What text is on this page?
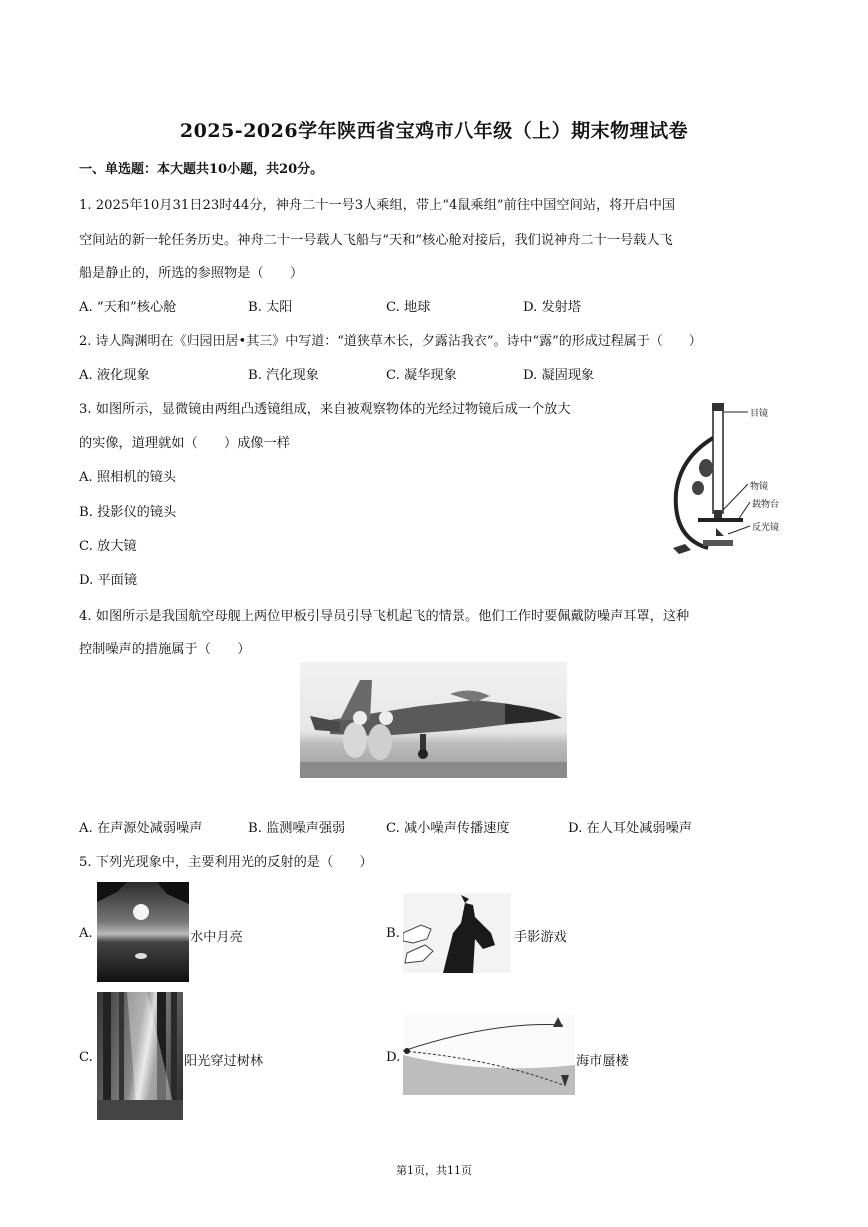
2025-2026学年陕西省宝鸡市八年级（上）期末物理试卷
一、单选题：本大题共10小题，共20分。
1. 2025年10月31日23时44分，神舟二十一号3人乘组，带上“4鼠乘组”前往中国空间站，将开启中国
空间站的新一轮任务历史。神舟二十一号载人飞船与“天和”核心舱对接后，我们说神舟二十一号载人飞
船是静止的，所选的参照物是（　　）
A. “天和”核心舱	B. 太阳	C. 地球	D. 发射塔
2. 诗人陶渊明在《归园田居•其三》中写道：“道狭草木长，夕露沾我衣”。诗中“露”的形成过程属于（　　）
A. 液化现象	B. 汽化现象	C. 凝华现象	D. 凝固现象
3. 如图所示，显微镜由两组凸透镜组成，来自被观察物体的光经过物镜后成一个放大
的实像，道理就如（　　）成像一样
A. 照相机的镜头
B. 投影仪的镜头
C. 放大镜
D. 平面镜
目镜
物镜
载物台
反光镜
4. 如图所示是我国航空母舰上两位甲板引导员引导飞机起飞的情景。他们工作时要佩戴防噪声耳罩，这种
控制噪声的措施属于（　　）
A. 在声源处减弱噪声	B. 监测噪声强弱	C. 减小噪声传播速度	D. 在人耳处减弱噪声
5. 下列光现象中，主要利用光的反射的是（　　）
A.	水中月亮	B.	手影游戏
C.	阳光穿过树林	D.	海市蜃楼
第1页，共11页
